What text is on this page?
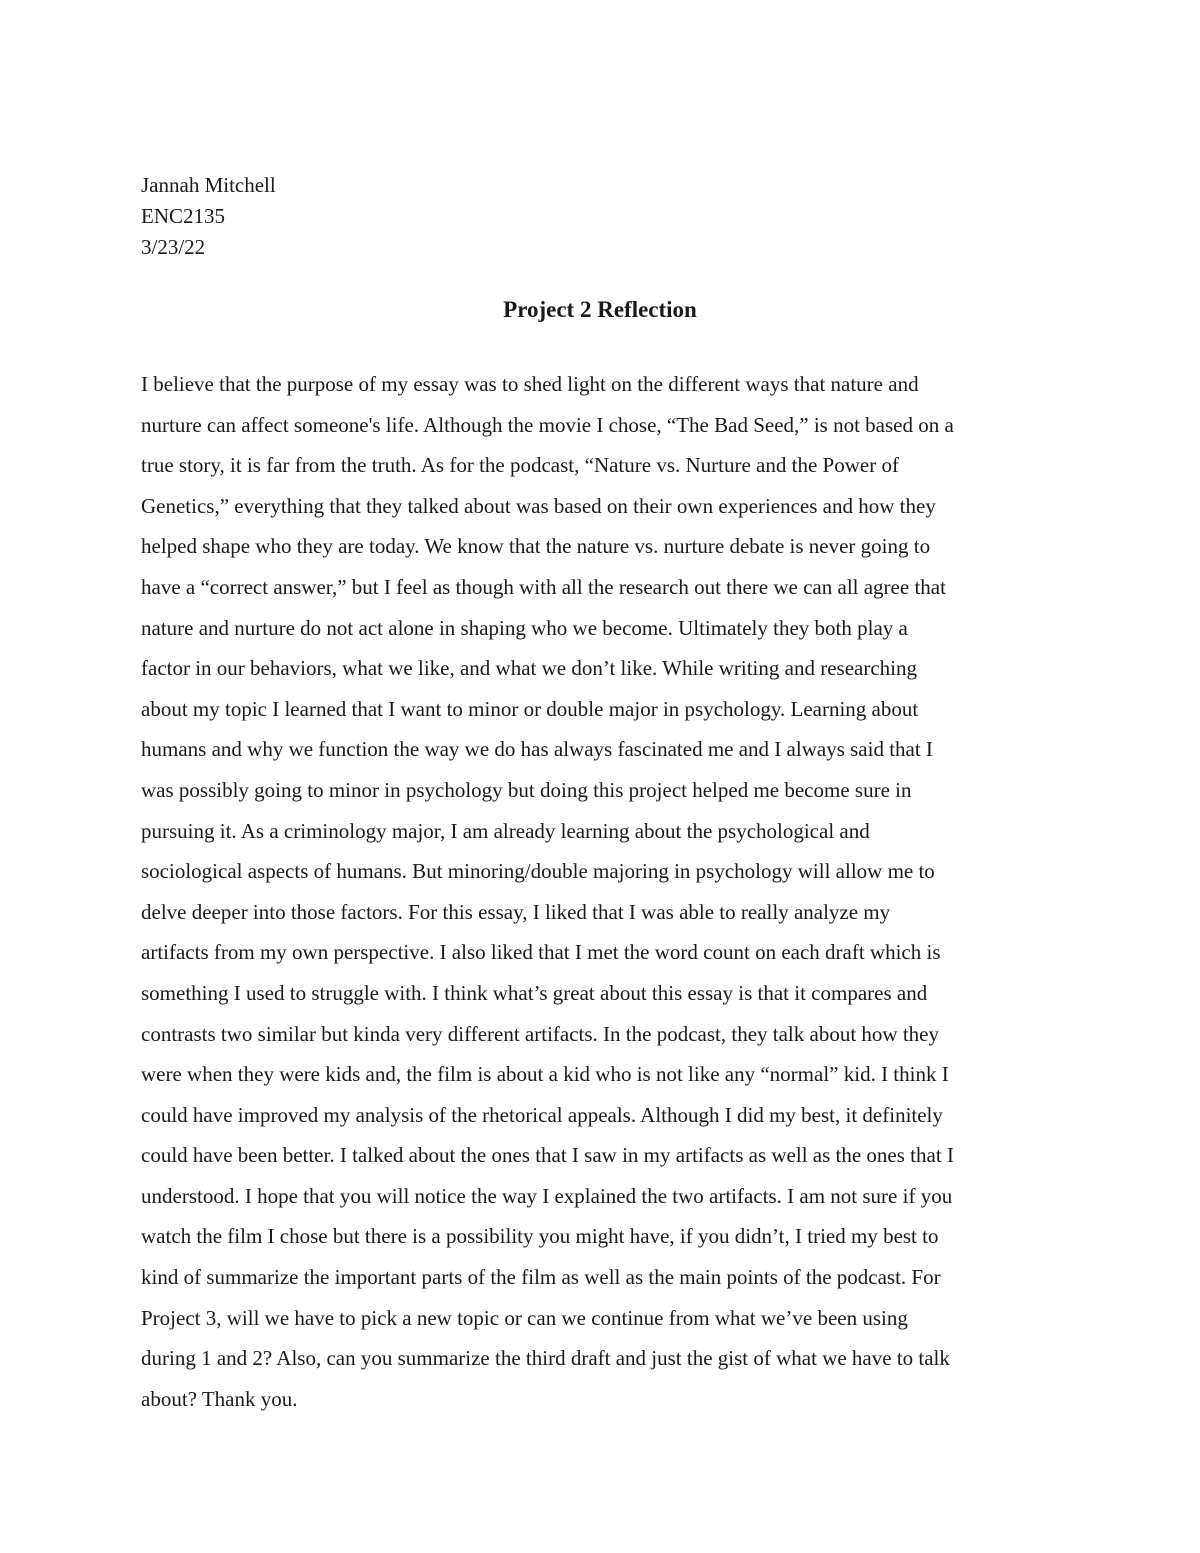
Jannah Mitchell
ENC2135
3/23/22
Project 2 Reflection
I believe that the purpose of my essay was to shed light on the different ways that nature and
nurture can affect someone's life. Although the movie I chose, “The Bad Seed,” is not based on a
true story, it is far from the truth. As for the podcast, “Nature vs. Nurture and the Power of
Genetics,” everything that they talked about was based on their own experiences and how they
helped shape who they are today. We know that the nature vs. nurture debate is never going to
have a “correct answer,” but I feel as though with all the research out there we can all agree that
nature and nurture do not act alone in shaping who we become. Ultimately they both play a
factor in our behaviors, what we like, and what we don’t like. While writing and researching
about my topic I learned that I want to minor or double major in psychology. Learning about
humans and why we function the way we do has always fascinated me and I always said that I
was possibly going to minor in psychology but doing this project helped me become sure in
pursuing it. As a criminology major, I am already learning about the psychological and
sociological aspects of humans. But minoring/double majoring in psychology will allow me to
delve deeper into those factors. For this essay, I liked that I was able to really analyze my
artifacts from my own perspective. I also liked that I met the word count on each draft which is
something I used to struggle with. I think what’s great about this essay is that it compares and
contrasts two similar but kinda very different artifacts. In the podcast, they talk about how they
were when they were kids and, the film is about a kid who is not like any “normal” kid. I think I
could have improved my analysis of the rhetorical appeals. Although I did my best, it definitely
could have been better. I talked about the ones that I saw in my artifacts as well as the ones that I
understood. I hope that you will notice the way I explained the two artifacts. I am not sure if you
watch the film I chose but there is a possibility you might have, if you didn’t, I tried my best to
kind of summarize the important parts of the film as well as the main points of the podcast. For
Project 3, will we have to pick a new topic or can we continue from what we’ve been using
during 1 and 2? Also, can you summarize the third draft and just the gist of what we have to talk
about? Thank you.
